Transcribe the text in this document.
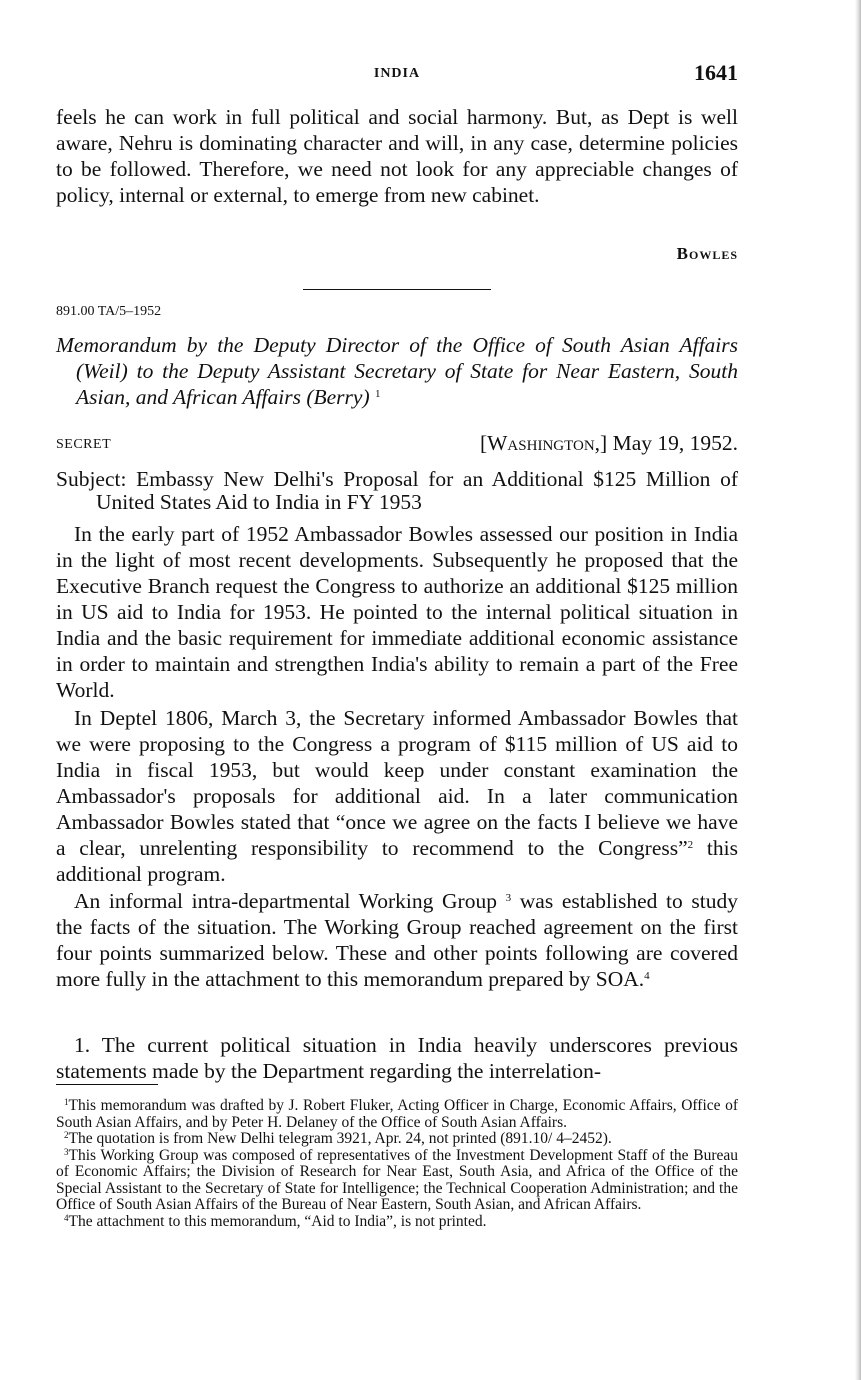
INDIA	1641

feels he can work in full political and social harmony. But, as Dept is well aware, Nehru is dominating character and will, in any case, determine policies to be followed. Therefore, we need not look for any appreciable changes of policy, internal or external, to emerge from new cabinet.

Bowles
891.00 TA/5–1952
Memorandum by the Deputy Director of the Office of South Asian Affairs (Weil) to the Deputy Assistant Secretary of State for Near Eastern, South Asian, and African Affairs (Berry) $^1$
SECRET	[Washington,] May 19, 1952.
Subject: Embassy New Delhi's Proposal for an Additional $125 Million of United States Aid to India in FY 1953

In the early part of 1952 Ambassador Bowles assessed our position in India in the light of most recent developments. Subsequently he proposed that the Executive Branch request the Congress to authorize an additional $125 million in US aid to India for 1953. He pointed to the internal political situation in India and the basic requirement for immediate additional economic assistance in order to maintain and strengthen India's ability to remain a part of the Free World.

In Deptel 1806, March 3, the Secretary informed Ambassador Bowles that we were proposing to the Congress a program of $115 million of US aid to India in fiscal 1953, but would keep under constant examination the Ambassador's proposals for additional aid. In a later communication Ambassador Bowles stated that “once we agree on the facts I believe we have a clear, unrelenting responsibility to recommend to the Congress”$^2$ this additional program.

An informal intra-departmental Working Group $^3$ was established to study the facts of the situation. The Working Group reached agreement on the first four points summarized below. These and other points following are covered more fully in the attachment to this memorandum prepared by SOA.$^4$

1. The current political situation in India heavily underscores previous statements made by the Department regarding the interrelation-

$^1$This memorandum was drafted by J. Robert Fluker, Acting Officer in Charge, Economic Affairs, Office of South Asian Affairs, and by Peter H. Delaney of the Office of South Asian Affairs.

$^2$The quotation is from New Delhi telegram 3921, Apr. 24, not printed (891.10/ 4–2452).

$^3$This Working Group was composed of representatives of the Investment Development Staff of the Bureau of Economic Affairs; the Division of Research for Near East, South Asia, and Africa of the Office of the Special Assistant to the Secretary of State for Intelligence; the Technical Cooperation Administration; and the Office of South Asian Affairs of the Bureau of Near Eastern, South Asian, and African Affairs.

$^4$The attachment to this memorandum, “Aid to India”, is not printed.
